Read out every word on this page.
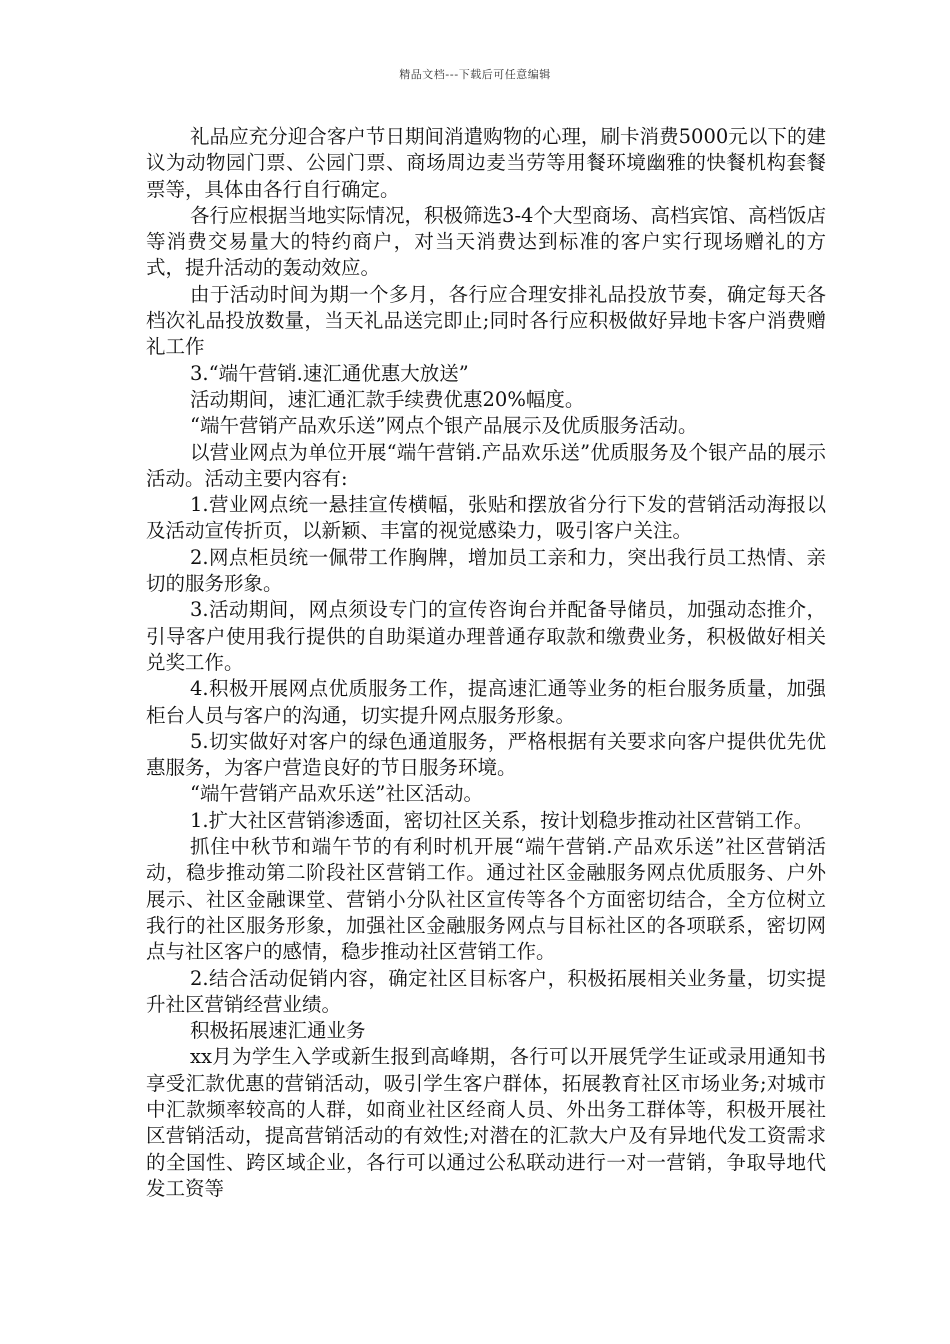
精品文档---下载后可任意编辑

礼品应充分迎合客户节日期间消遣购物的心理，刷卡消费5000元以下的建议为动物园门票、公园门票、商场周边麦当劳等用餐环境幽雅的快餐机构套餐票等，具体由各行自行确定。

各行应根据当地实际情况，积极筛选3-4个大型商场、高档宾馆、高档饭店等消费交易量大的特约商户，对当天消费达到标准的客户实行现场赠礼的方式，提升活动的轰动效应。

由于活动时间为期一个多月，各行应合理安排礼品投放节奏，确定每天各档次礼品投放数量，当天礼品送完即止;同时各行应积极做好异地卡客户消费赠礼工作

3.“端午营销.速汇通优惠大放送”

活动期间，速汇通汇款手续费优惠20%幅度。

“端午营销产品欢乐送”网点个银产品展示及优质服务活动。

以营业网点为单位开展“端午营销.产品欢乐送”优质服务及个银产品的展示活动。活动主要内容有:

1.营业网点统一悬挂宣传横幅，张贴和摆放省分行下发的营销活动海报以及活动宣传折页，以新颖、丰富的视觉感染力，吸引客户关注。

2.网点柜员统一佩带工作胸牌，增加员工亲和力，突出我行员工热情、亲切的服务形象。

3.活动期间，网点须设专门的宣传咨询台并配备导储员，加强动态推介，引导客户使用我行提供的自助渠道办理普通存取款和缴费业务，积极做好相关兑奖工作。

4.积极开展网点优质服务工作，提高速汇通等业务的柜台服务质量，加强柜台人员与客户的沟通，切实提升网点服务形象。

5.切实做好对客户的绿色通道服务，严格根据有关要求向客户提供优先优惠服务，为客户营造良好的节日服务环境。

“端午营销产品欢乐送”社区活动。

1.扩大社区营销渗透面，密切社区关系，按计划稳步推动社区营销工作。

抓住中秋节和端午节的有利时机开展“端午营销.产品欢乐送”社区营销活动，稳步推动第二阶段社区营销工作。通过社区金融服务网点优质服务、户外展示、社区金融课堂、营销小分队社区宣传等各个方面密切结合，全方位树立我行的社区服务形象，加强社区金融服务网点与目标社区的各项联系，密切网点与社区客户的感情，稳步推动社区营销工作。

2.结合活动促销内容，确定社区目标客户，积极拓展相关业务量，切实提升社区营销经营业绩。

积极拓展速汇通业务

xx月为学生入学或新生报到高峰期，各行可以开展凭学生证或录用通知书享受汇款优惠的营销活动，吸引学生客户群体，拓展教育社区市场业务;对城市中汇款频率较高的人群，如商业社区经商人员、外出务工群体等，积极开展社区营销活动，提高营销活动的有效性;对潜在的汇款大户及有异地代发工资需求的全国性、跨区域企业，各行可以通过公私联动进行一对一营销，争取导地代发工资等
